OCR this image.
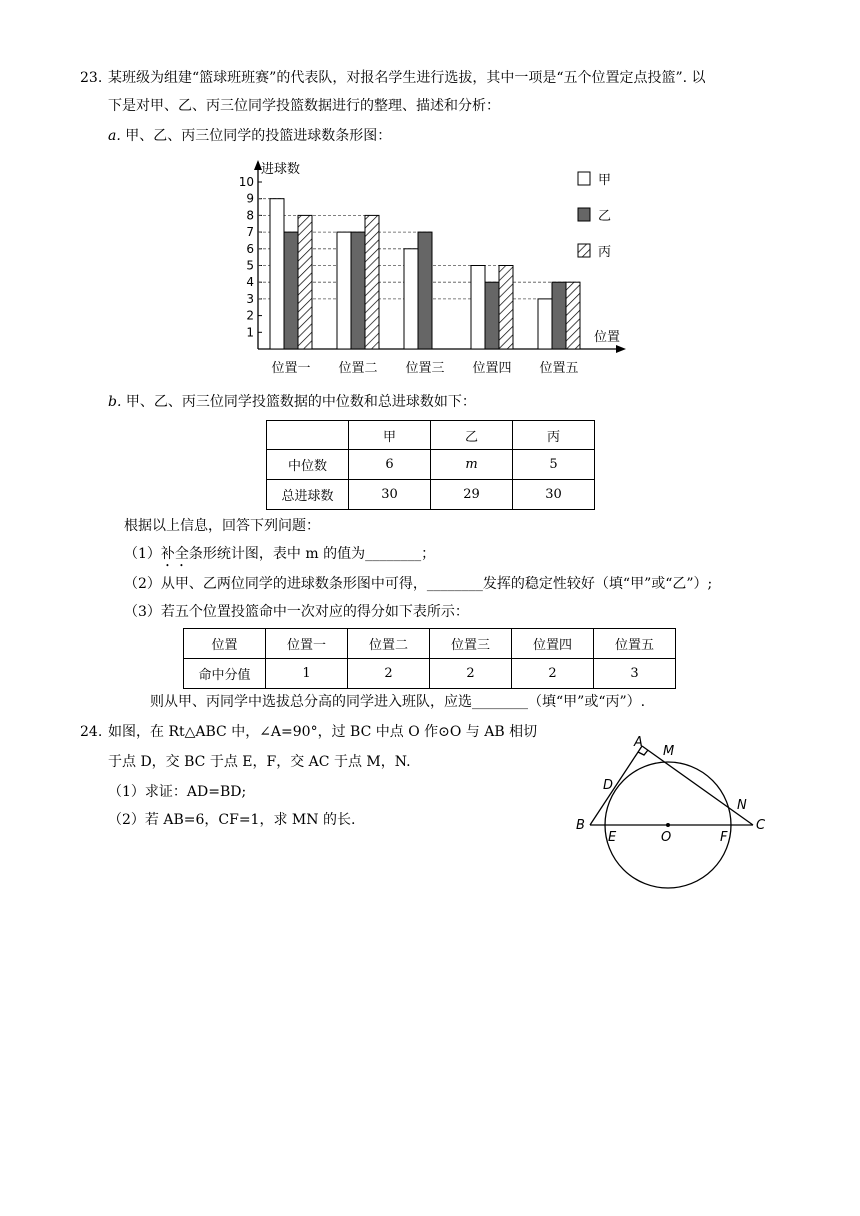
23. 某班级为组建“篮球班班赛”的代表队，对报名学生进行选拔，其中一项是“五个位置定点投篮”. 以
下是对甲、乙、丙三位同学投篮数据进行的整理、描述和分析：
a. 甲、乙、丙三位同学的投篮进球数条形图：
进球数
位置
1
2
3
4
5
6
7
8
9
10
位置一 位置二 位置三 位置四 位置五
甲
乙
丙
b. 甲、乙、丙三位同学投篮数据的中位数和总进球数如下：
	甲	乙	丙
中位数	6	m	5
总进球数	30	29	30
根据以上信息，回答下列问题：
（1）补全条形统计图，表中 m 的值为________；
（2）从甲、乙两位同学的进球数条形图中可得，________发挥的稳定性较好（填“甲”或“乙”）;
（3）若五个位置投篮命中一次对应的得分如下表所示：
位置	位置一	位置二	位置三	位置四	位置五
命中分值	1	2	2	2	3
则从甲、丙同学中选拔总分高的同学进入班队，应选________（填“甲”或“丙”）.
24. 如图，在 Rt△ABC 中，∠A=90°，过 BC 中点 O 作⊙O 与 AB 相切
于点 D，交 BC 于点 E，F，交 AC 于点 M，N.
（1）求证：AD=BD;
（2）若 AB=6，CF=1，求 MN 的长.
A
M
D
N
B
E	O	F
C
